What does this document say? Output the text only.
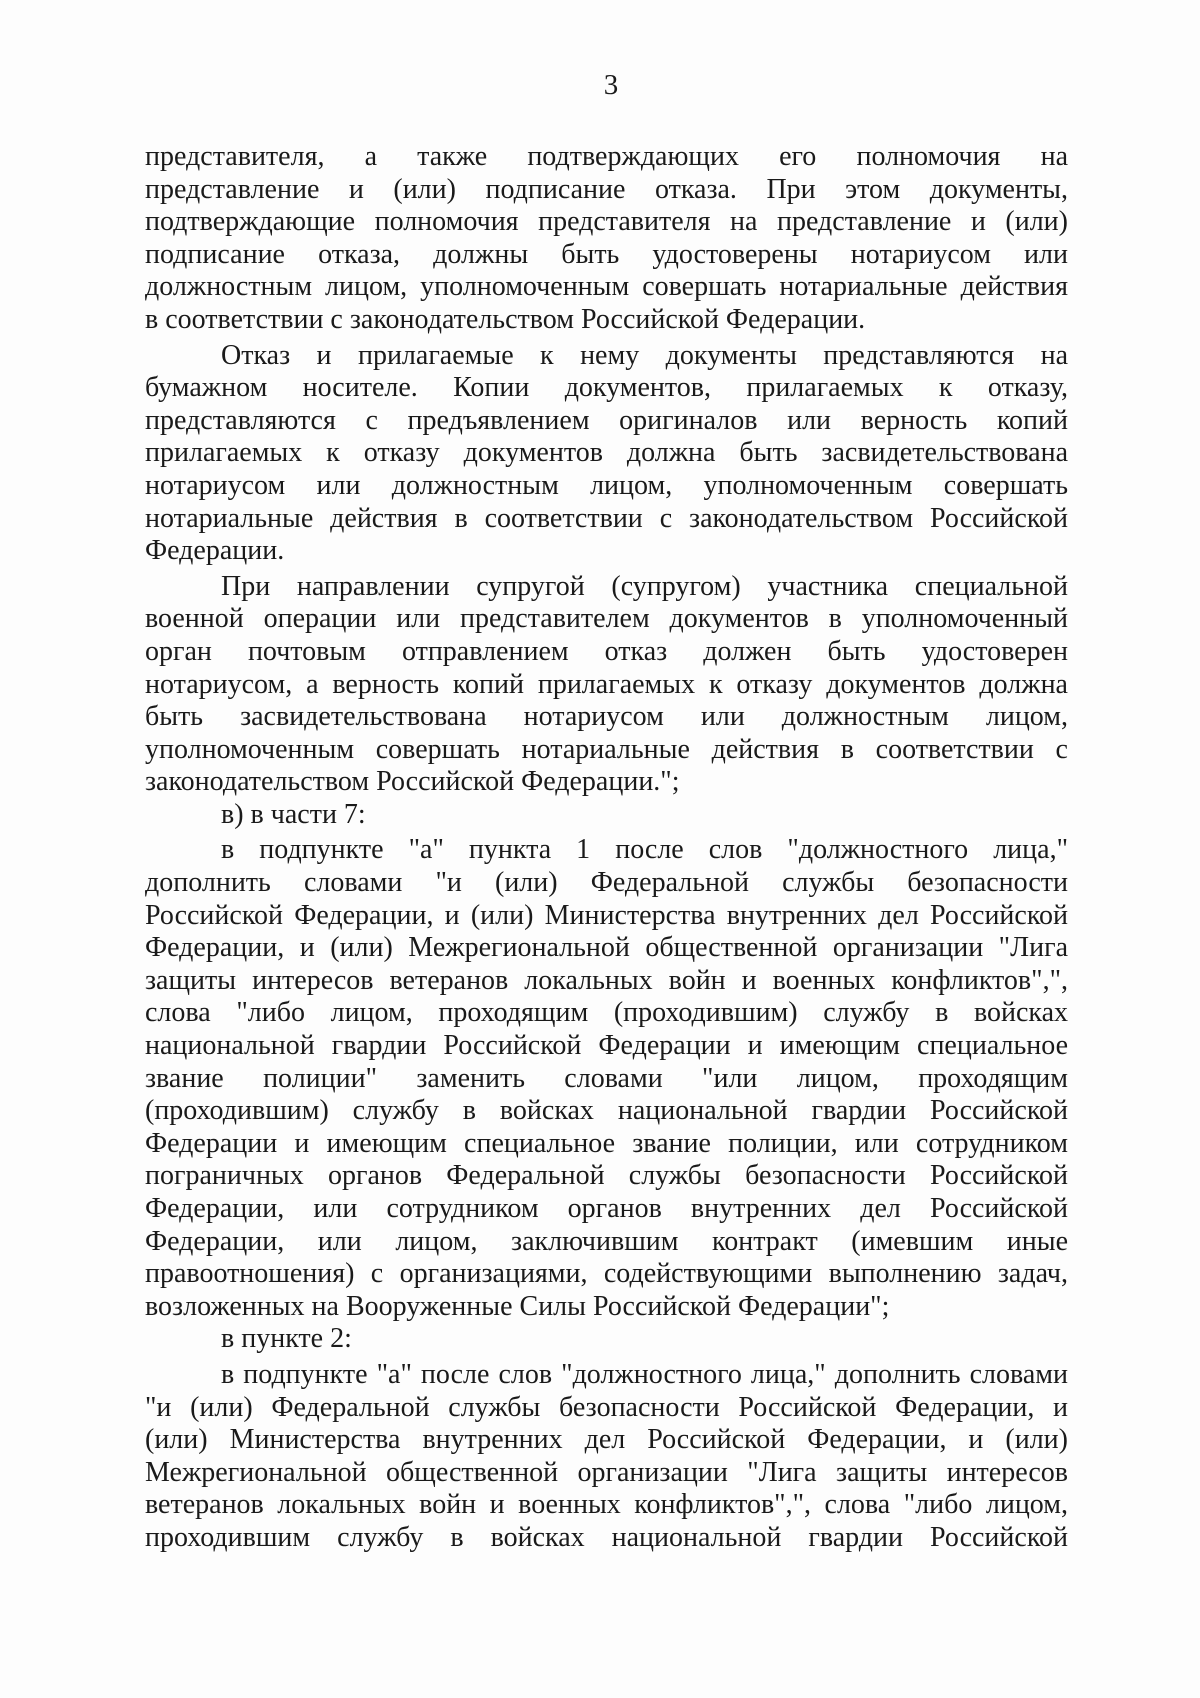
3
представителя, а также подтверждающих его полномочия на
представление и (или) подписание отказа. При этом документы,
подтверждающие полномочия представителя на представление и (или)
подписание отказа, должны быть удостоверены нотариусом или
должностным лицом, уполномоченным совершать нотариальные действия
в соответствии с законодательством Российской Федерации.
Отказ и прилагаемые к нему документы представляются на
бумажном носителе. Копии документов, прилагаемых к отказу,
представляются с предъявлением оригиналов или верность копий
прилагаемых к отказу документов должна быть засвидетельствована
нотариусом или должностным лицом, уполномоченным совершать
нотариальные действия в соответствии с законодательством Российской
Федерации.
При направлении супругой (супругом) участника специальной
военной операции или представителем документов в уполномоченный
орган почтовым отправлением отказ должен быть удостоверен
нотариусом, а верность копий прилагаемых к отказу документов должна
быть засвидетельствована нотариусом или должностным лицом,
уполномоченным совершать нотариальные действия в соответствии с
законодательством Российской Федерации.";
в) в части 7:
в подпункте "а" пункта 1 после слов "должностного лица,"
дополнить словами "и (или) Федеральной службы безопасности
Российской Федерации, и (или) Министерства внутренних дел Российской
Федерации, и (или) Межрегиональной общественной организации "Лига
защиты интересов ветеранов локальных войн и военных конфликтов",",
слова "либо лицом, проходящим (проходившим) службу в войсках
национальной гвардии Российской Федерации и имеющим специальное
звание полиции" заменить словами "или лицом, проходящим
(проходившим) службу в войсках национальной гвардии Российской
Федерации и имеющим специальное звание полиции, или сотрудником
пограничных органов Федеральной службы безопасности Российской
Федерации, или сотрудником органов внутренних дел Российской
Федерации, или лицом, заключившим контракт (имевшим иные
правоотношения) с организациями, содействующими выполнению задач,
возложенных на Вооруженные Силы Российской Федерации";
в пункте 2:
в подпункте "а" после слов "должностного лица," дополнить словами
"и (или) Федеральной службы безопасности Российской Федерации, и
(или) Министерства внутренних дел Российской Федерации, и (или)
Межрегиональной общественной организации "Лига защиты интересов
ветеранов локальных войн и военных конфликтов",", слова "либо лицом,
проходившим службу в войсках национальной гвардии Российской
